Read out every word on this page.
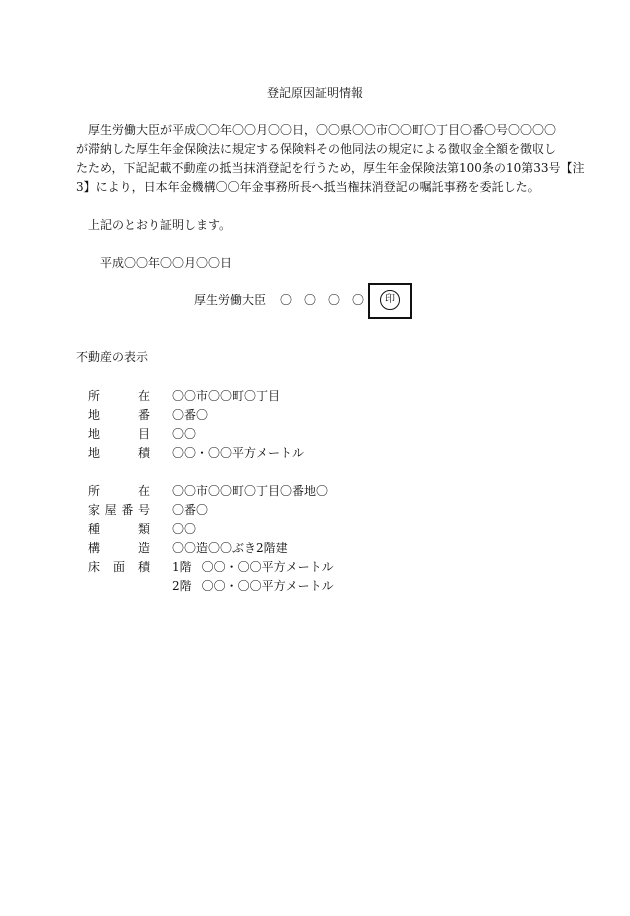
登記原因証明情報
厚生労働大臣が平成〇〇年〇〇月〇〇日，〇〇県〇〇市〇〇町〇丁目〇番〇号〇〇〇〇
が滞納した厚生年金保険法に規定する保険料その他同法の規定による徴収金全額を徴収し
たため，下記記載不動産の抵当抹消登記を行うため，厚生年金保険法第100条の10第33号【注
3】により，日本年金機構〇〇年金事務所長へ抵当権抹消登記の嘱託事務を委託した。
上記のとおり証明します。
平成〇〇年〇〇月〇〇日
厚生労働大臣 〇 〇 〇 〇	印
不動産の表示
所	在 〇〇市〇〇町〇丁目
地	番 〇番〇
地	目 〇〇
地	積 〇〇・〇〇平方メートル
所	在 〇〇市〇〇町〇丁目〇番地〇
家 屋 番 号 〇番〇
種	類 〇〇
構	造 〇〇造〇〇ぶき2階建
床 面 積 1階 〇〇・〇〇平方メートル
2階 〇〇・〇〇平方メートル
